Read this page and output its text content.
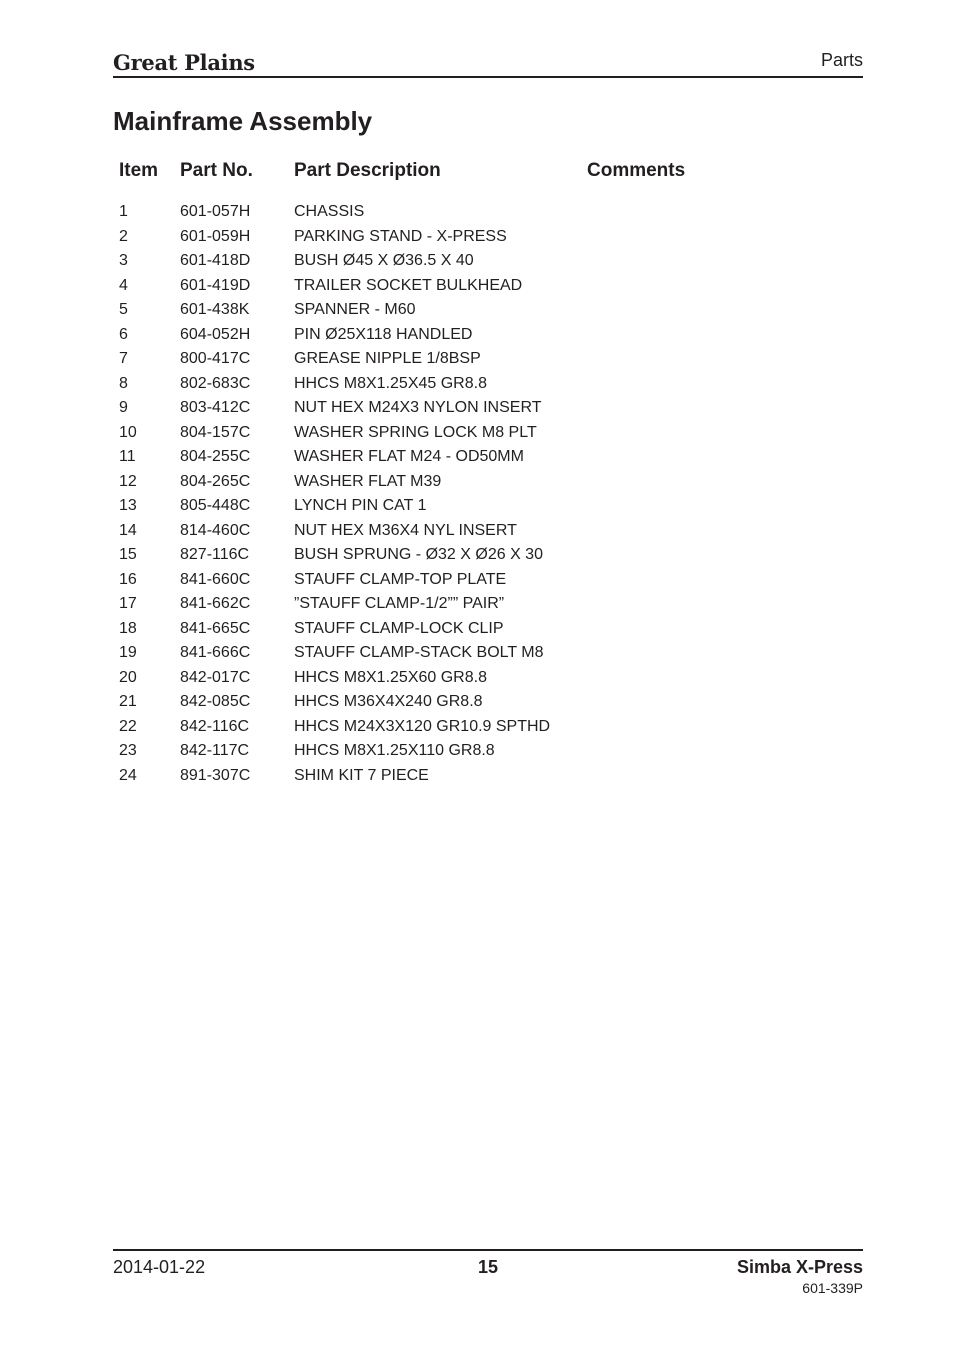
Great Plains	Parts
Mainframe Assembly
Item	Part No.	Part Description	Comments
1	601-057H	CHASSIS	
2	601-059H	PARKING STAND - X-PRESS	
3	601-418D	BUSH Ø45 X Ø36.5 X 40	
4	601-419D	TRAILER SOCKET BULKHEAD	
5	601-438K	SPANNER - M60	
6	604-052H	PIN Ø25X118 HANDLED	
7	800-417C	GREASE NIPPLE 1/8BSP	
8	802-683C	HHCS M8X1.25X45 GR8.8	
9	803-412C	NUT HEX M24X3 NYLON INSERT	
10	804-157C	WASHER SPRING LOCK M8 PLT	
11	804-255C	WASHER FLAT M24 - OD50MM	
12	804-265C	WASHER FLAT M39	
13	805-448C	LYNCH PIN CAT 1	
14	814-460C	NUT HEX M36X4 NYL INSERT	
15	827-116C	BUSH SPRUNG - Ø32 X Ø26 X 30	
16	841-660C	STAUFF CLAMP-TOP PLATE	
17	841-662C	”STAUFF CLAMP-1/2”” PAIR”	
18	841-665C	STAUFF CLAMP-LOCK CLIP	
19	841-666C	STAUFF CLAMP-STACK BOLT M8	
20	842-017C	HHCS M8X1.25X60 GR8.8	
21	842-085C	HHCS M36X4X240 GR8.8	
22	842-116C	HHCS M24X3X120 GR10.9 SPTHD	
23	842-117C	HHCS M8X1.25X110 GR8.8	
24	891-307C	SHIM KIT 7 PIECE	
2014-01-22	15	Simba X-Press
601-339P
